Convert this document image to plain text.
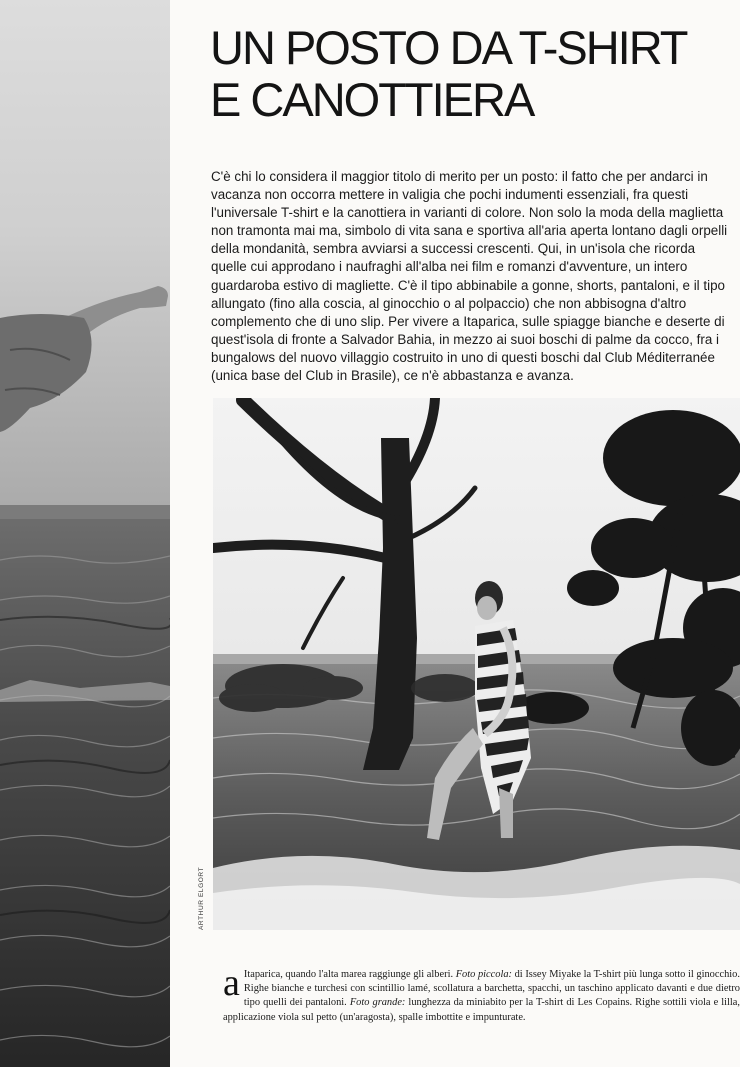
UN POSTO DA T-SHIRT
E CANOTTIERA

C'è chi lo considera il maggior titolo di merito per un posto: il fatto che per andarci in vacanza non occorra mettere in valigia che pochi indumenti essenziali, fra questi l'universale T-shirt e la canottiera in varianti di colore. Non solo la moda della maglietta non tramonta mai ma, simbolo di vita sana e sportiva all'aria aperta lontano dagli orpelli della mondanità, sembra avviarsi a successi crescenti. Qui, in un'isola che ricorda quelle cui approdano i naufraghi all'alba nei film e romanzi d'avventure, un intero guardaroba estivo di magliette. C'è il tipo abbinabile a gonne, shorts, pantaloni, e il tipo allungato (fino alla coscia, al ginocchio o al polpaccio) che non abbisogna d'altro complemento che di uno slip. Per vivere a Itaparica, sulle spiagge bianche e deserte di quest'isola di fronte a Salvador Bahia, in mezzo ai suoi boschi di palme da cocco, fra i bungalows del nuovo villaggio costruito in uno di questi boschi dal Club Méditerranée (unica base del Club in Brasile), ce n'è abbastanza e avanza.

ARTHUR ELGORT
a Itaparica, quando l'alta marea raggiunge gli alberi. Foto piccola: di Issey Miyake la T-shirt più lunga sotto il ginocchio. Righe bianche e turchesi con scintillio lamé, scollatura a barchetta, spacchi, un taschino applicato davanti e due dietro tipo quelli dei pantaloni. Foto grande: lunghezza da miniabito per la T-shirt di Les Copains. Righe sottili viola e lilla, applicazione viola sul petto (un'aragosta), spalle imbottite e impunturate.
